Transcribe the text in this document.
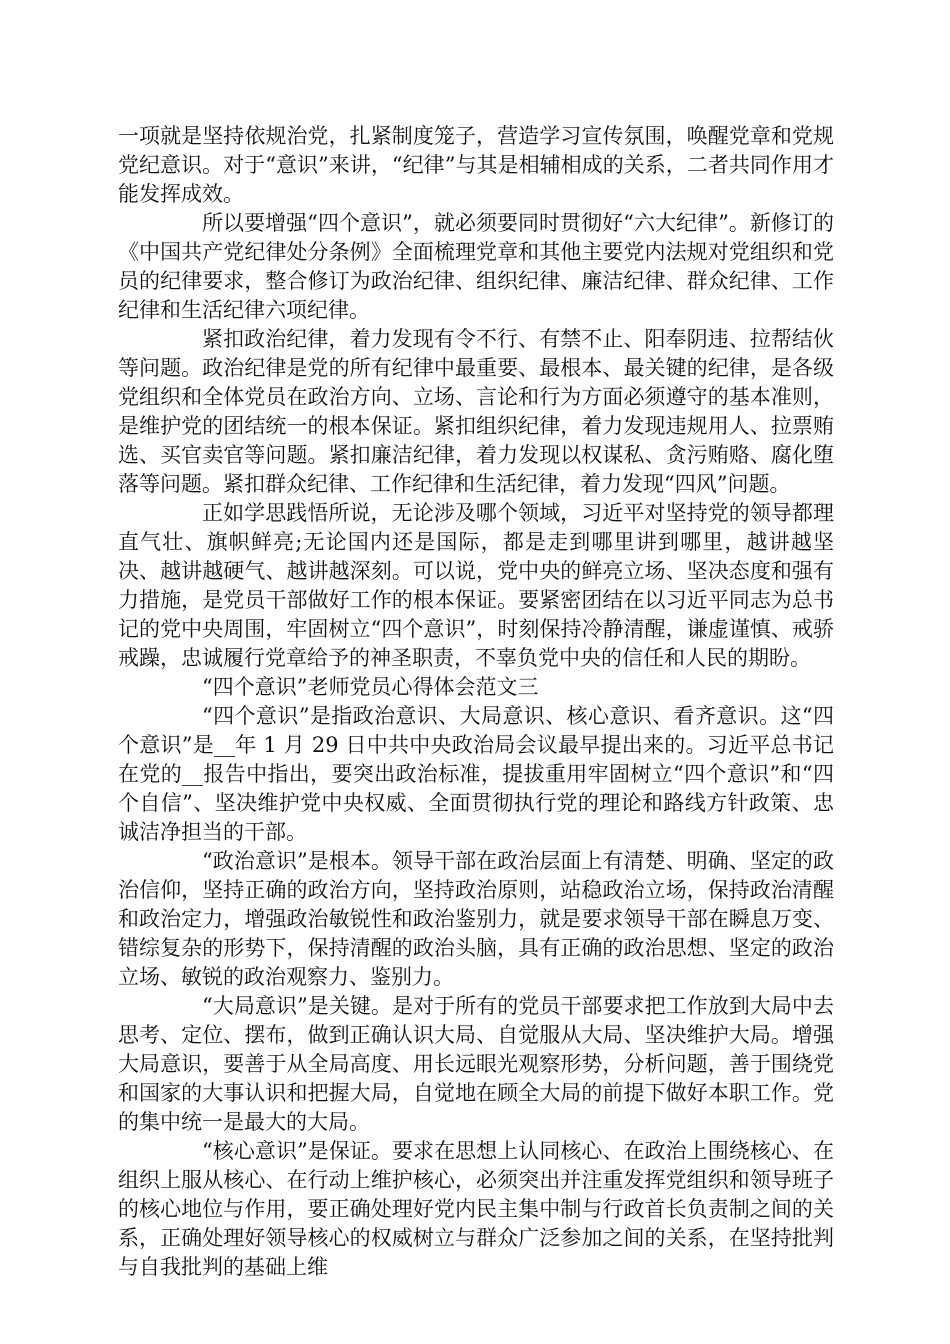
一项就是坚持依规治党，扎紧制度笼子，营造学习宣传氛围，唤醒党章和党规党纪意识。对于“意识”来讲，“纪律”与其是相辅相成的关系，二者共同作用才能发挥成效。

所以要增强“四个意识”，就必须要同时贯彻好“六大纪律”。新修订的《中国共产党纪律处分条例》全面梳理党章和其他主要党内法规对党组织和党员的纪律要求，整合修订为政治纪律、组织纪律、廉洁纪律、群众纪律、工作纪律和生活纪律六项纪律。

紧扣政治纪律，着力发现有令不行、有禁不止、阳奉阴违、拉帮结伙等问题。政治纪律是党的所有纪律中最重要、最根本、最关键的纪律，是各级党组织和全体党员在政治方向、立场、言论和行为方面必须遵守的基本准则，是维护党的团结统一的根本保证。紧扣组织纪律，着力发现违规用人、拉票贿选、买官卖官等问题。紧扣廉洁纪律，着力发现以权谋私、贪污贿赂、腐化堕落等问题。紧扣群众纪律、工作纪律和生活纪律，着力发现“四风”问题。

正如学思践悟所说，无论涉及哪个领域，习近平对坚持党的领导都理直气壮、旗帜鲜亮;无论国内还是国际，都是走到哪里讲到哪里，越讲越坚决、越讲越硬气、越讲越深刻。可以说，党中央的鲜亮立场、坚决态度和强有力措施，是党员干部做好工作的根本保证。要紧密团结在以习近平同志为总书记的党中央周围，牢固树立“四个意识”，时刻保持冷静清醒，谦虚谨慎、戒骄戒躁，忠诚履行党章给予的神圣职责，不辜负党中央的信任和人民的期盼。

“四个意识”老师党员心得体会范文三

“四个意识”是指政治意识、大局意识、核心意识、看齐意识。这“四个意识”是__年 1 月 29 日中共中央政治局会议最早提出来的。习近平总书记在党的__报告中指出，要突出政治标准，提拔重用牢固树立“四个意识”和“四个自信”、坚决维护党中央权威、全面贯彻执行党的理论和路线方针政策、忠诚洁净担当的干部。

“政治意识”是根本。领导干部在政治层面上有清楚、明确、坚定的政治信仰，坚持正确的政治方向，坚持政治原则，站稳政治立场，保持政治清醒和政治定力，增强政治敏锐性和政治鉴别力，就是要求领导干部在瞬息万变、错综复杂的形势下，保持清醒的政治头脑，具有正确的政治思想、坚定的政治立场、敏锐的政治观察力、鉴别力。

“大局意识”是关键。是对于所有的党员干部要求把工作放到大局中去思考、定位、摆布，做到正确认识大局、自觉服从大局、坚决维护大局。增强大局意识，要善于从全局高度、用长远眼光观察形势，分析问题，善于围绕党和国家的大事认识和把握大局，自觉地在顾全大局的前提下做好本职工作。党的集中统一是最大的大局。

“核心意识”是保证。要求在思想上认同核心、在政治上围绕核心、在组织上服从核心、在行动上维护核心，必须突出并注重发挥党组织和领导班子的核心地位与作用，要正确处理好党内民主集中制与行政首长负责制之间的关系，正确处理好领导核心的权威树立与群众广泛参加之间的关系，在坚持批判与自我批判的基础上维
